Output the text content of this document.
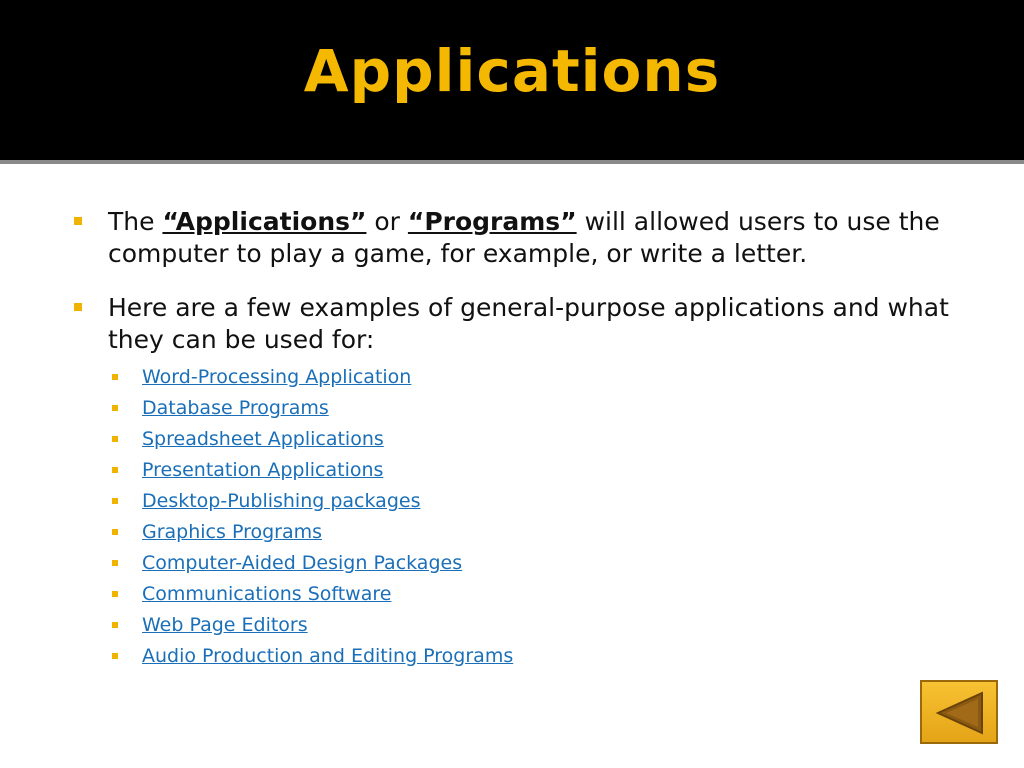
Applications
The “Applications” or “Programs” will allowed users to use the computer to play a game, for example, or write a letter.
Here are a few examples of general-purpose applications and what they can be used for:
Word-Processing Application
Database Programs
Spreadsheet Applications
Presentation Applications
Desktop-Publishing packages
Graphics Programs
Computer-Aided Design Packages
Communications Software
Web Page Editors
Audio Production and Editing Programs
